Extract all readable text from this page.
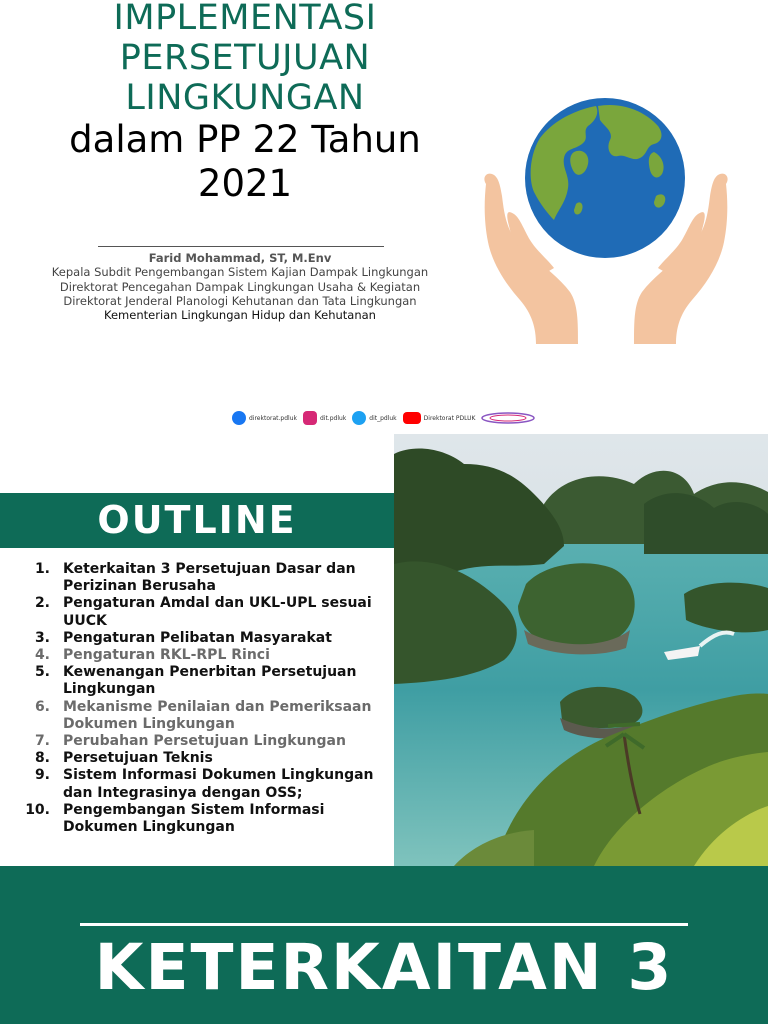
IMPLEMENTASI
PERSETUJUAN
LINGKUNGAN
dalam PP 22 Tahun
2021
Farid Mohammad, ST, M.Env
Kepala Subdit Pengembangan Sistem Kajian Dampak Lingkungan
Direktorat Pencegahan Dampak Lingkungan Usaha & Kegiatan
Direktorat Jenderal Planologi Kehutanan dan Tata Lingkungan
Kementerian Lingkungan Hidup dan Kehutanan
direktorat.pdluk	dit.pdluk	dit_pdluk	Direktorat PDLUK
OUTLINE
1. Keterkaitan 3 Persetujuan Dasar dan Perizinan Berusaha
2. Pengaturan Amdal dan UKL-UPL sesuai UUCK
3. Pengaturan Pelibatan Masyarakat
4. Pengaturan RKL-RPL Rinci
5. Kewenangan Penerbitan Persetujuan Lingkungan
6. Mekanisme Penilaian dan Pemeriksaan Dokumen Lingkungan
7. Perubahan Persetujuan Lingkungan
8. Persetujuan Teknis
9. Sistem Informasi Dokumen Lingkungan dan Integrasinya dengan OSS;
10. Pengembangan Sistem Informasi Dokumen Lingkungan
KETERKAITAN 3
